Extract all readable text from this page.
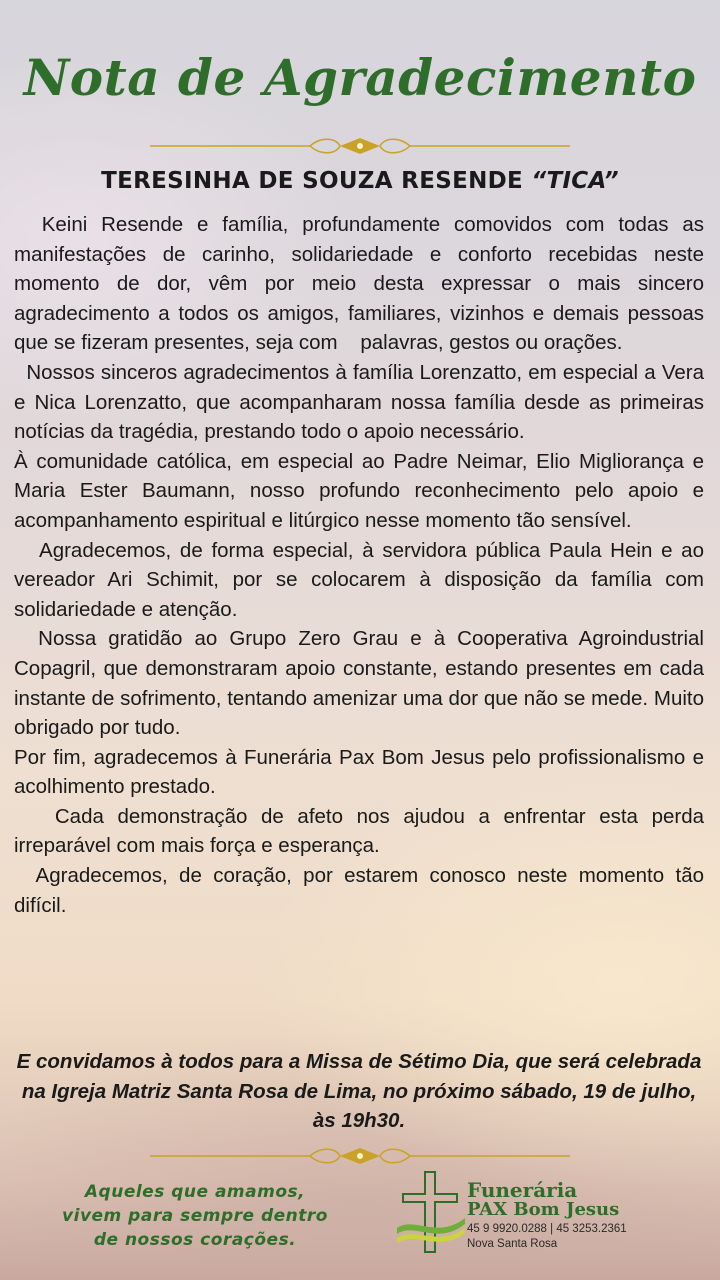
Nota de Agradecimento
TERESINHA DE SOUZA RESENDE “TICA”

Keini Resende e família, profundamente comovidos com todas as manifestações de carinho, solidariedade e conforto recebidas neste momento de dor, vêm por meio desta expressar o mais sincero agradecimento a todos os amigos, familiares, vizinhos e demais pessoas que se fizeram presentes, seja com    palavras, gestos ou orações.

Nossos sinceros agradecimentos à família Lorenzatto, em especial a Vera e Nica Lorenzatto, que acompanharam nossa família desde as primeiras notícias da tragédia, prestando todo o apoio necessário.

À comunidade católica, em especial ao Padre Neimar, Elio Migliorança e Maria Ester Baumann, nosso profundo reconhecimento pelo apoio e acompanhamento espiritual e litúrgico nesse momento tão sensível.

Agradecemos, de forma especial, à servidora pública Paula Hein e ao vereador Ari Schimit, por se colocarem à disposição da família com solidariedade e atenção.

Nossa gratidão ao Grupo Zero Grau e à Cooperativa Agroindustrial Copagril, que demonstraram apoio constante, estando presentes em cada instante de sofrimento, tentando amenizar uma dor que não se mede. Muito obrigado por tudo.

Por fim, agradecemos à Funerária Pax Bom Jesus pelo profissionalismo e acolhimento prestado.

Cada demonstração de afeto nos ajudou a enfrentar esta perda irreparável com mais força e esperança.

Agradecemos, de coração, por estarem conosco neste momento tão difícil.

E convidamos à todos para a Missa de Sétimo Dia, que será celebrada na Igreja Matriz Santa Rosa de Lima, no próximo sábado, 19 de julho, às 19h30.
Aqueles que amamos,
vivem para sempre dentro
de nossos corações.
Funerária
PAX Bom Jesus
45 9 9920.0288 | 45 3253.2361
Nova Santa Rosa
